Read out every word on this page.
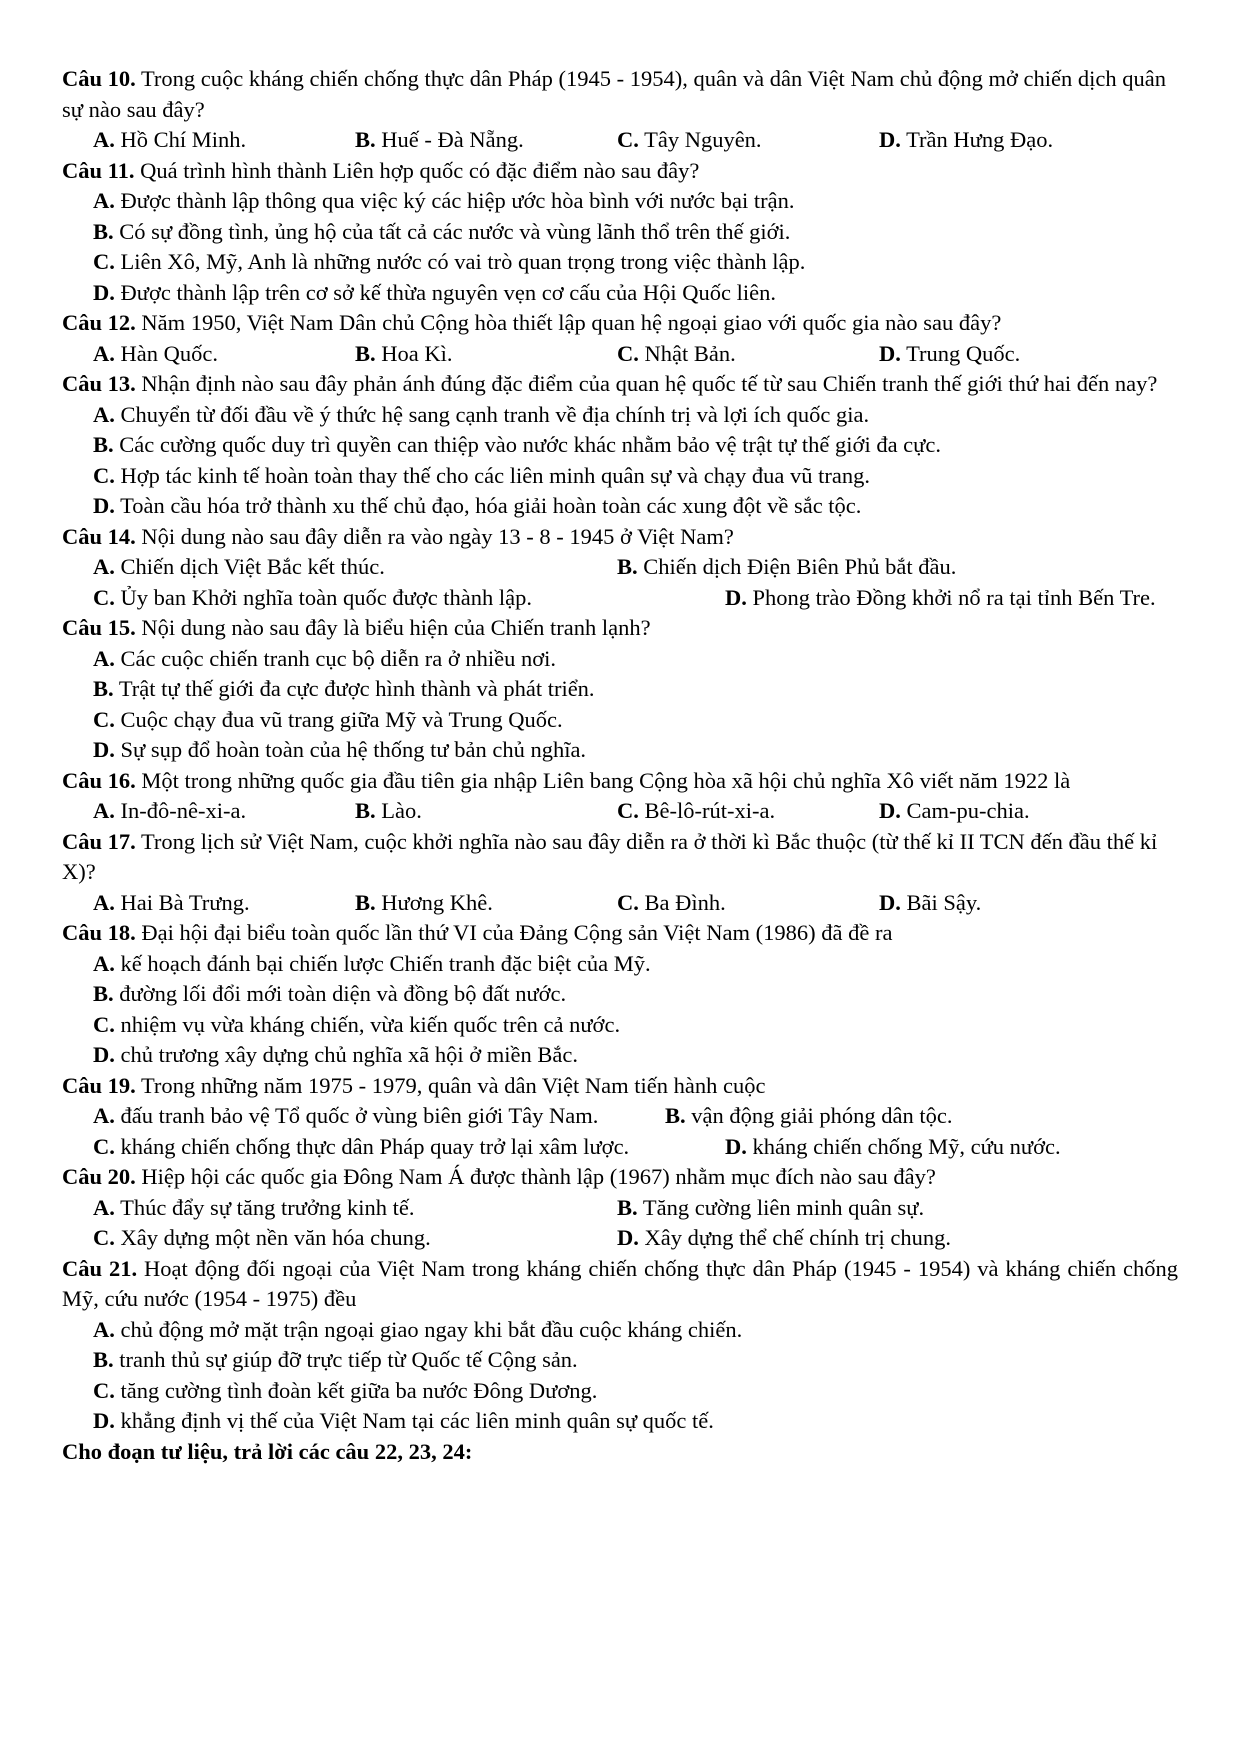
Câu 10. Trong cuộc kháng chiến chống thực dân Pháp (1945 - 1954), quân và dân Việt Nam chủ động mở chiến dịch quân sự nào sau đây?

A. Hồ Chí Minh.	B. Huế - Đà Nẵng.	C. Tây Nguyên.	D. Trần Hưng Đạo.

Câu 11. Quá trình hình thành Liên hợp quốc có đặc điểm nào sau đây?

A. Được thành lập thông qua việc ký các hiệp ước hòa bình với nước bại trận.

B. Có sự đồng tình, ủng hộ của tất cả các nước và vùng lãnh thổ trên thế giới.

C. Liên Xô, Mỹ, Anh là những nước có vai trò quan trọng trong việc thành lập.

D. Được thành lập trên cơ sở kế thừa nguyên vẹn cơ cấu của Hội Quốc liên.

Câu 12. Năm 1950, Việt Nam Dân chủ Cộng hòa thiết lập quan hệ ngoại giao với quốc gia nào sau đây?

A. Hàn Quốc.	B. Hoa Kì.	C. Nhật Bản.	D. Trung Quốc.

Câu 13. Nhận định nào sau đây phản ánh đúng đặc điểm của quan hệ quốc tế từ sau Chiến tranh thế giới thứ hai đến nay?

A. Chuyển từ đối đầu về ý thức hệ sang cạnh tranh về địa chính trị và lợi ích quốc gia.

B. Các cường quốc duy trì quyền can thiệp vào nước khác nhằm bảo vệ trật tự thế giới đa cực.

C. Hợp tác kinh tế hoàn toàn thay thế cho các liên minh quân sự và chạy đua vũ trang.

D. Toàn cầu hóa trở thành xu thế chủ đạo, hóa giải hoàn toàn các xung đột về sắc tộc.

Câu 14. Nội dung nào sau đây diễn ra vào ngày 13 - 8 - 1945 ở Việt Nam?

A. Chiến dịch Việt Bắc kết thúc.	B. Chiến dịch Điện Biên Phủ bắt đầu.
C. Ủy ban Khởi nghĩa toàn quốc được thành lập.	D. Phong trào Đồng khởi nổ ra tại tỉnh Bến Tre.

Câu 15. Nội dung nào sau đây là biểu hiện của Chiến tranh lạnh?

A. Các cuộc chiến tranh cục bộ diễn ra ở nhiều nơi.

B. Trật tự thế giới đa cực được hình thành và phát triển.

C. Cuộc chạy đua vũ trang giữa Mỹ và Trung Quốc.

D. Sự sụp đổ hoàn toàn của hệ thống tư bản chủ nghĩa.

Câu 16. Một trong những quốc gia đầu tiên gia nhập Liên bang Cộng hòa xã hội chủ nghĩa Xô viết năm 1922 là

A. In-đô-nê-xi-a.	B. Lào.	C. Bê-lô-rút-xi-a.	D. Cam-pu-chia.

Câu 17. Trong lịch sử Việt Nam, cuộc khởi nghĩa nào sau đây diễn ra ở thời kì Bắc thuộc (từ thế kỉ II TCN đến đầu thế kỉ X)?

A. Hai Bà Trưng.	B. Hương Khê.	C. Ba Đình.	D. Bãi Sậy.

Câu 18. Đại hội đại biểu toàn quốc lần thứ VI của Đảng Cộng sản Việt Nam (1986) đã đề ra

A. kế hoạch đánh bại chiến lược Chiến tranh đặc biệt của Mỹ.

B. đường lối đổi mới toàn diện và đồng bộ đất nước.

C. nhiệm vụ vừa kháng chiến, vừa kiến quốc trên cả nước.

D. chủ trương xây dựng chủ nghĩa xã hội ở miền Bắc.

Câu 19. Trong những năm 1975 - 1979, quân và dân Việt Nam tiến hành cuộc

A. đấu tranh bảo vệ Tổ quốc ở vùng biên giới Tây Nam.	B. vận động giải phóng dân tộc.
C. kháng chiến chống thực dân Pháp quay trở lại xâm lược.	D. kháng chiến chống Mỹ, cứu nước.

Câu 20. Hiệp hội các quốc gia Đông Nam Á được thành lập (1967) nhằm mục đích nào sau đây?

A. Thúc đẩy sự tăng trưởng kinh tế.	B. Tăng cường liên minh quân sự.
C. Xây dựng một nền văn hóa chung.	D. Xây dựng thể chế chính trị chung.

Câu 21. Hoạt động đối ngoại của Việt Nam trong kháng chiến chống thực dân Pháp (1945 - 1954) và kháng chiến chống Mỹ, cứu nước (1954 - 1975) đều

A. chủ động mở mặt trận ngoại giao ngay khi bắt đầu cuộc kháng chiến.

B. tranh thủ sự giúp đỡ trực tiếp từ Quốc tế Cộng sản.

C. tăng cường tình đoàn kết giữa ba nước Đông Dương.

D. khẳng định vị thế của Việt Nam tại các liên minh quân sự quốc tế.

Cho đoạn tư liệu, trả lời các câu 22, 23, 24:
